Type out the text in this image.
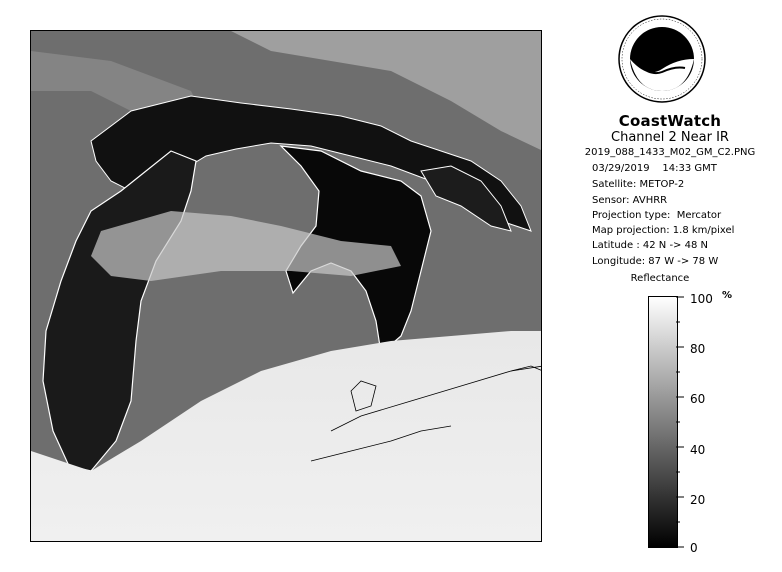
CoastWatch
Channel 2 Near IR
2019_088_1433_M02_GM_C2.PNG
03/29/2019 14:33 GMT
Satellite: METOP-2
Sensor: AVHRR
Projection type:  Mercator
Map projection: 1.8 km/pixel
Latitude : 42 N -> 48 N
Longitude: 87 W -> 78 W
Reflectance
100
80
60
40
20
0
%
